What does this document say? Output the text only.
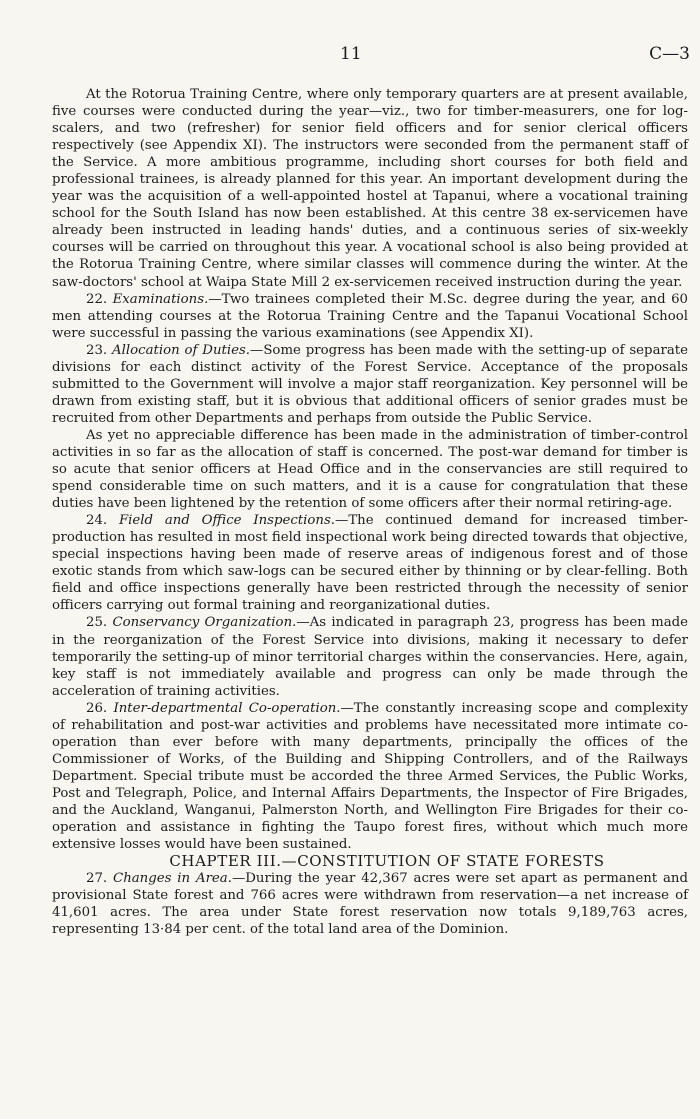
11	C—3

At the Rotorua Training Centre, where only temporary quarters are at present available, five courses were conducted during the year—viz., two for timber-measurers, one for log-scalers, and two (refresher) for senior field officers and for senior clerical officers respectively (see Appendix XI). The instructors were seconded from the permanent staff of the Service. A more ambitious programme, including short courses for both field and professional trainees, is already planned for this year. An important development during the year was the acquisition of a well-appointed hostel at Tapanui, where a vocational training school for the South Island has now been established. At this centre 38 ex-servicemen have already been instructed in leading hands' duties, and a continuous series of six-weekly courses will be carried on throughout this year. A vocational school is also being provided at the Rotorua Training Centre, where similar classes will commence during the winter. At the saw-doctors' school at Waipa State Mill 2 ex-servicemen received instruction during the year.

22. Examinations.—Two trainees completed their M.Sc. degree during the year, and 60 men attending courses at the Rotorua Training Centre and the Tapanui Vocational School were successful in passing the various examinations (see Appendix XI).

23. Allocation of Duties.—Some progress has been made with the setting-up of separate divisions for each distinct activity of the Forest Service. Acceptance of the proposals submitted to the Government will involve a major staff reorganization. Key personnel will be drawn from existing staff, but it is obvious that additional officers of senior grades must be recruited from other Departments and perhaps from outside the Public Service.

As yet no appreciable difference has been made in the administration of timber-control activities in so far as the allocation of staff is concerned. The post-war demand for timber is so acute that senior officers at Head Office and in the conservancies are still required to spend considerable time on such matters, and it is a cause for congratulation that these duties have been lightened by the retention of some officers after their normal retiring-age.

24. Field and Office Inspections.—The continued demand for increased timber-production has resulted in most field inspectional work being directed towards that objective, special inspections having been made of reserve areas of indigenous forest and of those exotic stands from which saw-logs can be secured either by thinning or by clear-felling. Both field and office inspections generally have been restricted through the necessity of senior officers carrying out formal training and reorganizational duties.

25. Conservancy Organization.—As indicated in paragraph 23, progress has been made in the reorganization of the Forest Service into divisions, making it necessary to defer temporarily the setting-up of minor territorial charges within the conservancies. Here, again, key staff is not immediately available and progress can only be made through the acceleration of training activities.

26. Inter-departmental Co-operation.—The constantly increasing scope and complexity of rehabilitation and post-war activities and problems have necessitated more intimate co-operation than ever before with many departments, principally the offices of the Commissioner of Works, of the Building and Shipping Controllers, and of the Railways Department. Special tribute must be accorded the three Armed Services, the Public Works, Post and Telegraph, Police, and Internal Affairs Departments, the Inspector of Fire Brigades, and the Auckland, Wanganui, Palmerston North, and Wellington Fire Brigades for their co-operation and assistance in fighting the Taupo forest fires, without which much more extensive losses would have been sustained.

CHAPTER III.—CONSTITUTION OF STATE FORESTS

27. Changes in Area.—During the year 42,367 acres were set apart as permanent and provisional State forest and 766 acres were withdrawn from reservation—a net increase of 41,601 acres. The area under State forest reservation now totals 9,189,763 acres, representing 13·84 per cent. of the total land area of the Dominion.
